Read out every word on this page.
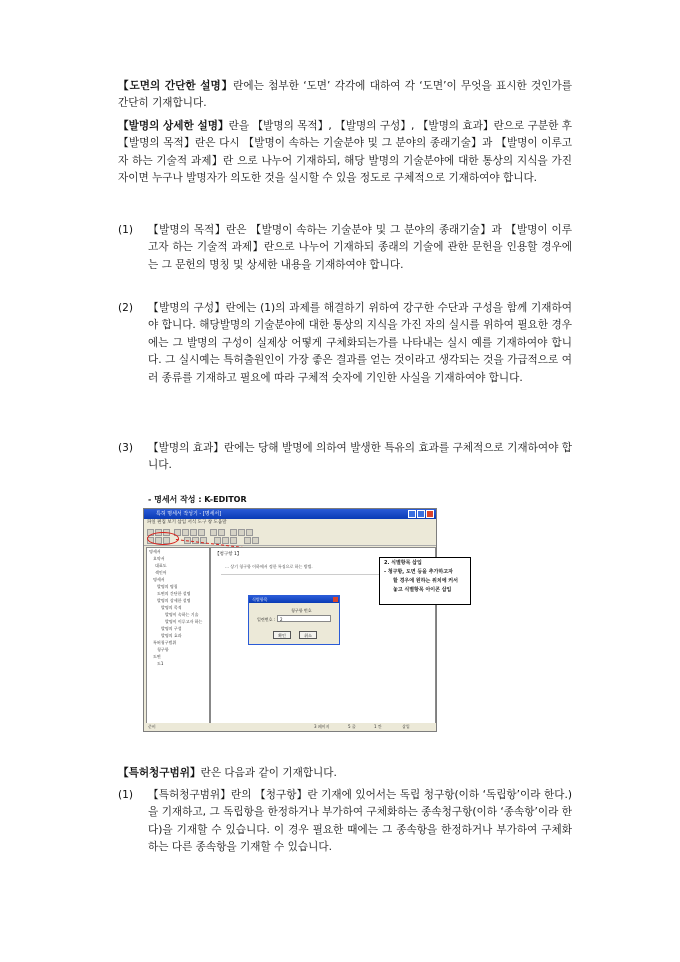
【도면의 간단한 설명】란에는 첨부한 ‘도면’ 각각에 대하여 각 ‘도면’이 무엇을 표시한 것인가를 간단히 기재합니다.
【발명의 상세한 설명】란을 【발명의 목적】, 【발명의 구성】, 【발명의 효과】란으로 구분한 후 【발명의 목적】란은 다시 【발명이 속하는 기술분야 및 그 분야의 종래기술】과 【발명이 이루고자 하는 기술적 과제】란 으로 나누어 기재하되, 해당 발명의 기술분야에 대한 통상의 지식을 가진 자이면 누구나 발명자가 의도한 것을 실시할 수 있을 정도로 구체적으로 기재하여야 합니다.
(1)	【발명의 목적】란은 【발명이 속하는 기술분야 및 그 분야의 종래기술】과 【발명이 이루고자 하는 기술적 과제】란으로 나누어 기재하되 종래의 기술에 관한 문헌을 인용할 경우에는 그 문헌의 명칭 및 상세한 내용을 기재하여야 합니다.
(2)	【발명의 구성】란에는 (1)의 과제를 해결하기 위하여 강구한 수단과 구성을 함께 기재하여야 합니다. 해당발명의 기술분야에 대한 통상의 지식을 가진 자의 실시를 위하여 필요한 경우에는 그 발명의 구성이 실제상 어떻게 구체화되는가를 나타내는 실시 예를 기재하여야 합니다. 그 실시예는 특허출원인이 가장 좋은 결과를 얻는 것이라고 생각되는 것을 가급적으로 여러 종류를 기재하고 필요에 따라 구체적 숫자에 기인한 사실을 기재하여야 합니다.
(3)	【발명의 효과】란에는 당해 발명에 의하여 발생한 특유의 효과를 구체적으로 기재하여야 합니다.
- 명세서 작성 : K-EDITOR
특허 명세서 작성기 - [명세서]
파일 편집 보기 삽입 서식 도구 창 도움말
명세서
요약서
대표도
색인어
명세서
발명의 명칭
도면의 간단한 설명
발명의 상세한 설명
발명의 목적
발명이 속하는 기술
발명이 이루고자 하는
발명의 구성
발명의 효과
특허청구범위
청구항
도면
도1
【청구항 1】
… 상기 청구항 이하에서 정한 특징으로 하는 방법.
식별항목
청구항 번호
일련번호 :	2
확인	취소
2. 식별항목 삽입
- 청구항, 도면 등을 추가하고자
할 경우에 원하는 위치에 커서
놓고 식별항목 아이콘 삽입
준비	3 페이지	5 줄	1 칸	삽입
【특허청구범위】란은 다음과 같이 기재합니다.
(1)	【특허청구범위】란의 【청구항】란 기재에 있어서는 독립 청구항(이하 ‘독립항’이라 한다.)을 기재하고, 그 독립항을 한정하거나 부가하여 구체화하는 종속청구항(이하 ‘종속항’이라 한다)을 기재할 수 있습니다. 이 경우 필요한 때에는 그 종속항을 한정하거나 부가하여 구체화하는 다른 종속항을 기재할 수 있습니다.
